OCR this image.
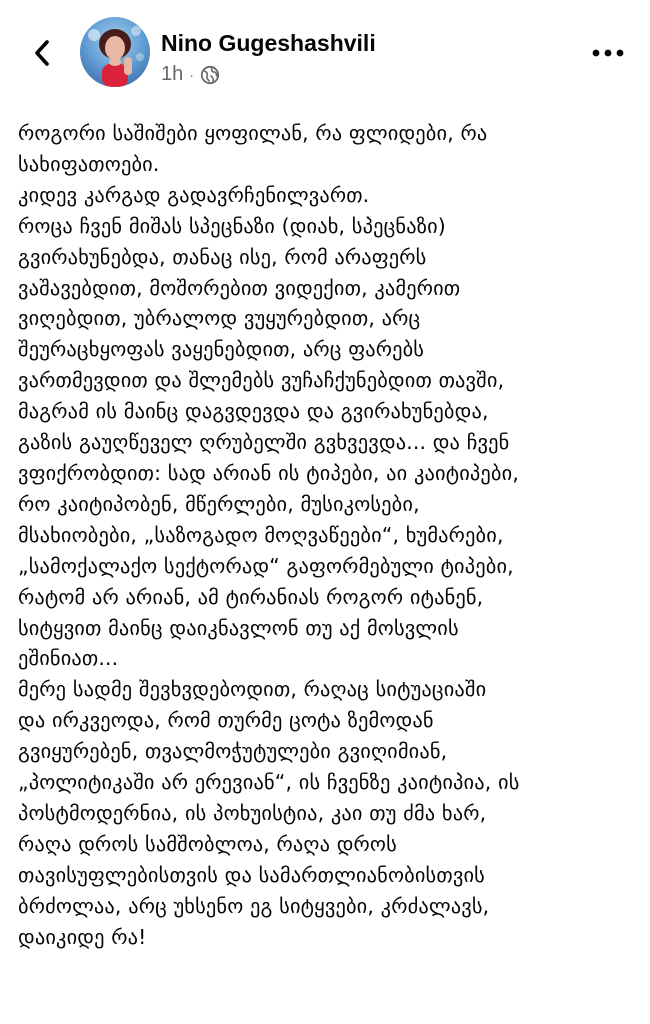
Nino Gugeshashvili
1h ·
როგორი საშიშები ყოფილან, რა ფლიდები, რა
სახიფათოები.
კიდევ კარგად გადავრჩენილვართ.
როცა ჩვენ მიშას სპეცნაზი (დიახ, სპეცნაზი)
გვირახუნებდა, თანაც ისე, რომ არაფერს
ვაშავებდით, მოშორებით ვიდექით, კამერით
ვიღებდით, უბრალოდ ვუყურებდით, არც
შეურაცხყოფას ვაყენებდით, არც ფარებს
ვართმევდით და შლემებს ვუჩაჩქუნებდით თავში,
მაგრამ ის მაინც დაგვდევდა და გვირახუნებდა,
გაზის გაუღწეველ ღრუბელში გვხვევდა... და ჩვენ
ვფიქრობდით: სად არიან ის ტიპები, აი კაიტიპები,
რო კაიტიპობენ, მწერლები, მუსიკოსები,
მსახიობები, „საზოგადო მოღვაწეები“, ხუმარები,
„სამოქალაქო სექტორად“ გაფორმებული ტიპები,
რატომ არ არიან, ამ ტირანიას როგორ იტანენ,
სიტყვით მაინც დაიკნავლონ თუ აქ მოსვლის
ეშინიათ...
მერე სადმე შევხვდებოდით, რაღაც სიტუაციაში
და ირკვეოდა, რომ თურმე ცოტა ზემოდან
გვიყურებენ, თვალმოჭუტულები გვიღიმიან,
„პოლიტიკაში არ ერევიან“, ის ჩვენზე კაიტიპია, ის
პოსტმოდერნია, ის პოხუისტია, კაი თუ ძმა ხარ,
რაღა დროს სამშობლოა, რაღა დროს
თავისუფლებისთვის და სამართლიანობისთვის
ბრძოლაა, არც უხსენო ეგ სიტყვები, კრძალავს,
დაიკიდე რა!
